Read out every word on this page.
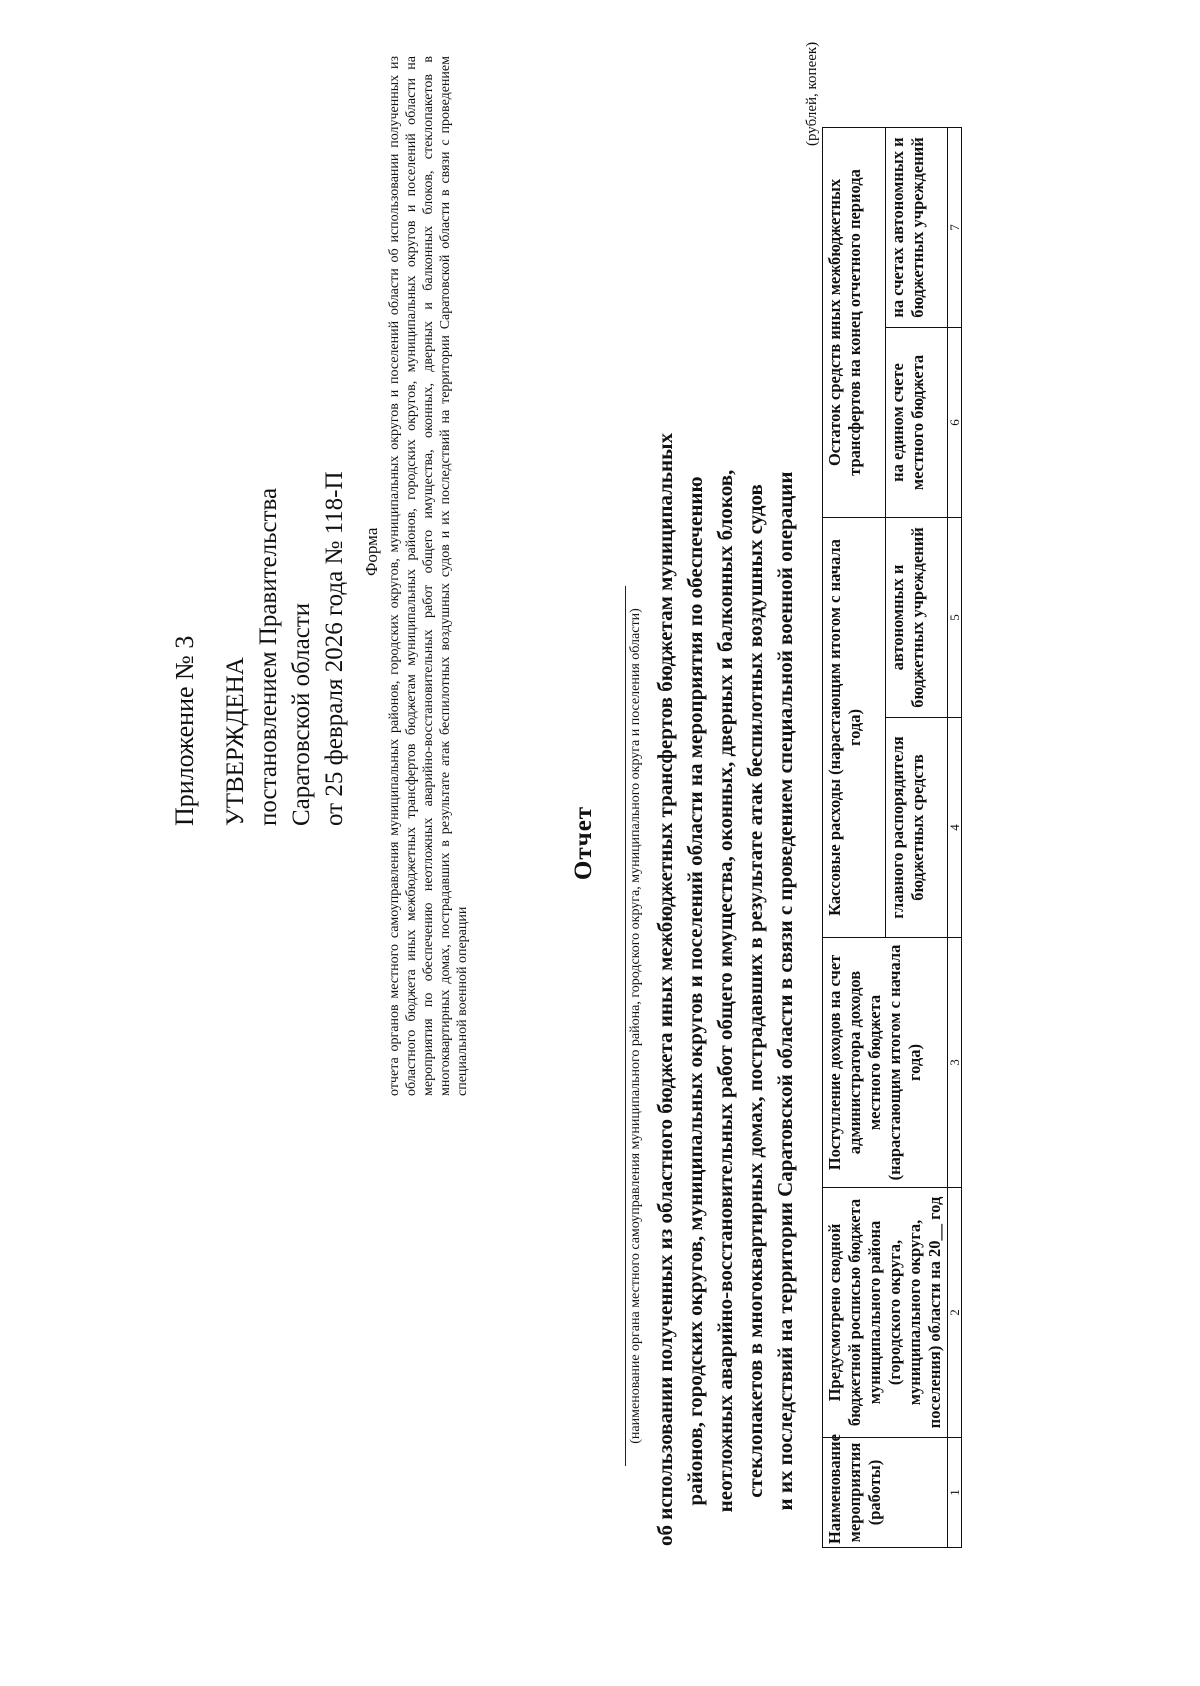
Приложение № 3 УТВЕРЖДЕНА постановлением Правительства Саратовской области от 25 февраля 2026 года № 118-П Форма отчета органов местного самоуправления муниципальных районов, городских округов, муниципальных округов и поселений области об использовании полученных из областного бюджета иных межбюджетных трансфертов бюджетам муниципальных районов, городских округов, муниципальных округов и поселений области на мероприятия по обеспечению неотложных аварийно-восстановительных работ общего имущества, оконных, дверных и балконных блоков, стеклопакетов в многоквартирных домах, пострадавших в результате атак беспилотных воздушных судов и их последствий на территории Саратовской области в связи с проведением специальной военной операции
Отчет (наименование органа местного самоуправления муниципального района, городского округа, муниципального округа и поселения области) об использовании полученных из областного бюджета иных межбюджетных трансфертов бюджетам муниципальных районов, городских округов, муниципальных округов и поселений области на мероприятия по обеспечению неотложных аварийно-восстановительных работ общего имущества, оконных, дверных и балконных блоков, стеклопакетов в многоквартирных домах, пострадавших в результате атак беспилотных воздушных судов и их последствий на территории Саратовской области в связи с проведением специальной военной операции
(рублей, копеек)
Наименование мероприятия (работы)	Предусмотрено сводной бюджетной росписью бюджета муниципального района (городского округа, муниципального округа, поселения) области на 20__ год	Поступление доходов на счет администратора доходов местного бюджета (нарастающим итогом с начала года)	Кассовые расходы (нарастающим итогом с начала года)		Остаток средств иных межбюджетных трансфертов на конец отчетного периода	
			главного распорядителя бюджетных средств	автономных и бюджетных учреждений	на едином счете местного бюджета	на счетах автономных и бюджетных учреждений
1	2	3	4	5	6	7
